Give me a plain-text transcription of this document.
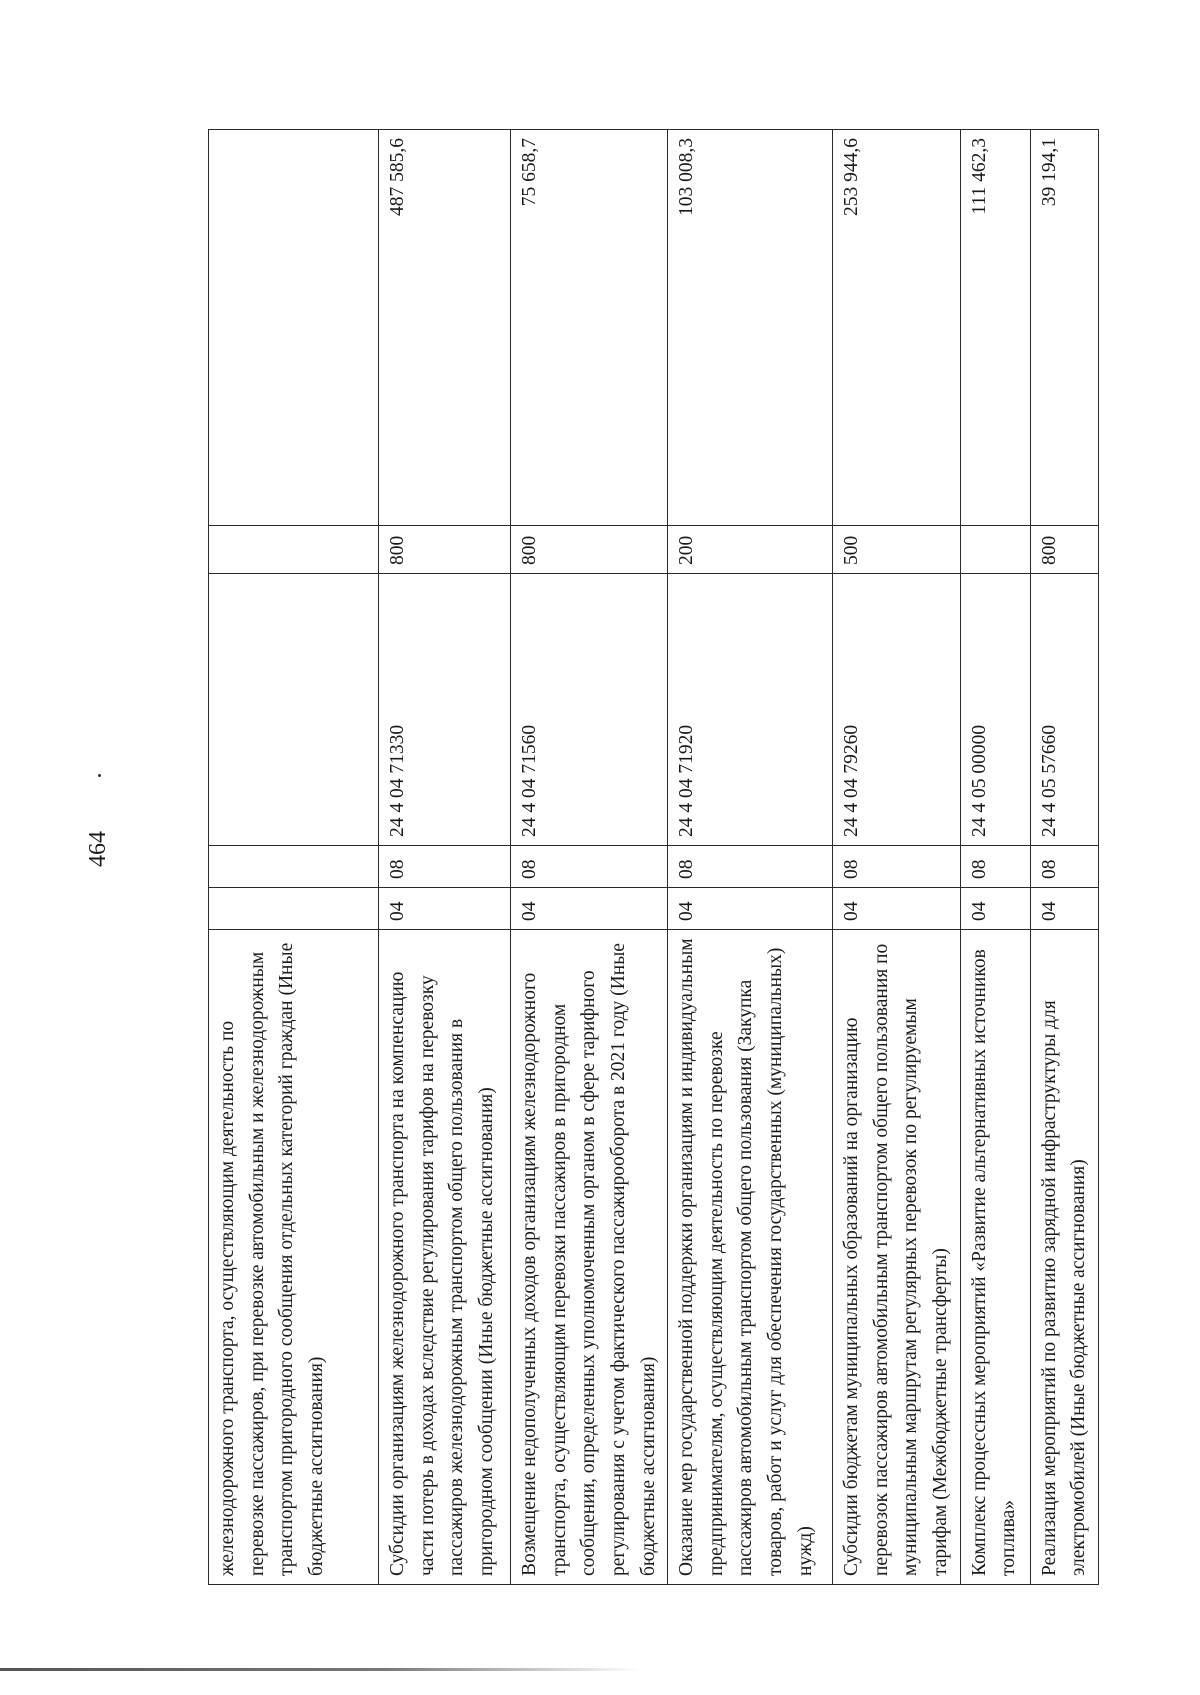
464
железнодорожного транспорта, осуществляющим деятельность по перевозке пассажиров, при перевозке автомобильным и железнодорожным транспортом пригородного сообщения отдельных категорий граждан (Иные бюджетные ассигнования)					
Субсидии организациям железнодорожного транспорта на компенсацию части потерь в доходах вследствие регулирования тарифов на перевозку пассажиров железнодорожным транспортом общего пользования в пригородном сообщении (Иные бюджетные ассигнования)	04	08	24 4 04 71330	800	487 585,6
Возмещение недополученных доходов организациям железнодорожного транспорта, осуществляющим перевозки пассажиров в пригородном сообщении, определенных уполномоченным органом в сфере тарифного регулирования с учетом фактического пассажирооборота в 2021 году (Иные бюджетные ассигнования)	04	08	24 4 04 71560	800	75 658,7
Оказание мер государственной поддержки организациям и индивидуальным предпринимателям, осуществляющим деятельность по перевозке пассажиров автомобильным транспортом общего пользования (Закупка товаров, работ и услуг для обеспечения государственных (муниципальных) нужд)	04	08	24 4 04 71920	200	103 008,3
Субсидии бюджетам муниципальных образований на организацию перевозок пассажиров автомобильным транспортом общего пользования по муниципальным маршрутам регулярных перевозок по регулируемым тарифам (Межбюджетные трансферты)	04	08	24 4 04 79260	500	253 944,6
Комплекс процессных мероприятий «Развитие альтернативных источников топлива»	04	08	24 4 05 00000		111 462,3
Реализация мероприятий по развитию зарядной инфраструктуры для электромобилей (Иные бюджетные ассигнования)	04	08	24 4 05 57660	800	39 194,1
